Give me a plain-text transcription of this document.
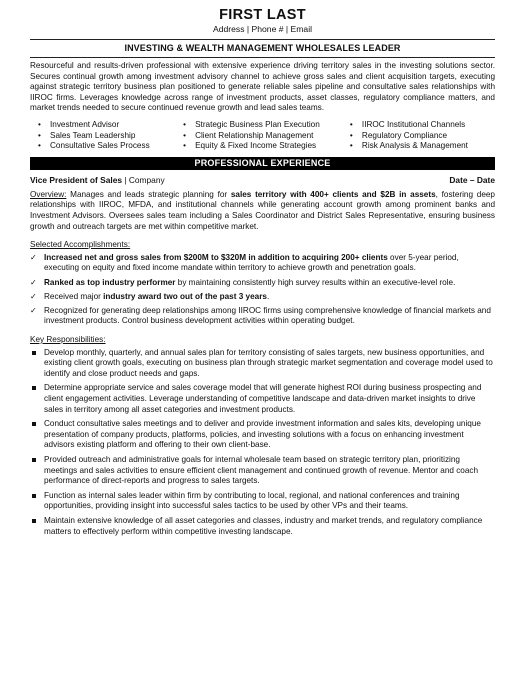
FIRST LAST
Address | Phone # | Email
INVESTING & WEALTH MANAGEMENT WHOLESALES LEADER

Resourceful and results-driven professional with extensive experience driving territory sales in the investing solutions sector. Secures continual growth among investment advisory channel to achieve gross sales and client acquisition targets, executing against strategic territory business plan positioned to generate reliable sales pipeline and consultative sales relationships with IIROC firms. Leverages knowledge across range of investment products, asset classes, regulatory compliance matters, and market trends needed to secure continued revenue growth and lead sales teams.

• Investment Advisor
• Sales Team Leadership
• Consultative Sales Process
• Strategic Business Plan Execution
• Client Relationship Management
• Equity & Fixed Income Strategies
• IIROC Institutional Channels
• Regulatory Compliance
• Risk Analysis & Management
PROFESSIONAL EXPERIENCE
Vice President of Sales | Company	Date – Date

Overview: Manages and leads strategic planning for sales territory with 400+ clients and $2B in assets, fostering deep relationships with IIROC, MFDA, and institutional channels while generating account growth among prominent banks and Investment Advisors. Oversees sales team including a Sales Coordinator and District Sales Representative, ensuring business growth and outreach targets are met within competitive market.

Selected Accomplishments:
✓ Increased net and gross sales from $200M to $320M in addition to acquiring 200+ clients over 5-year period, executing on equity and fixed income mandate within territory to achieve growth and penetration goals.
✓ Ranked as top industry performer by maintaining consistently high survey results within an executive-level role.
✓ Received major industry award two out of the past 3 years.
✓ Recognized for generating deep relationships among IIROC firms using comprehensive knowledge of financial markets and investment products. Control business development activities within operating budget.
Key Responsibilities:
Develop monthly, quarterly, and annual sales plan for territory consisting of sales targets, new business opportunities, and existing client growth goals, executing on business plan through strategic market segmentation and coverage model used to identify and close product needs and gaps.
Determine appropriate service and sales coverage model that will generate highest ROI during business prospecting and client engagement activities. Leverage understanding of competitive landscape and data-driven market insights to drive sales in territory among all asset categories and investment products.
Conduct consultative sales meetings and to deliver and provide investment information and sales kits, developing unique presentation of company products, platforms, policies, and investing solutions with a focus on enhancing investment advisors existing platform and offering to their own client-base.
Provided outreach and administrative goals for internal wholesale team based on strategic territory plan, prioritizing meetings and sales activities to ensure efficient client management and continued growth of revenue. Mentor and coach performance of direct-reports and progress to sales targets.
Function as internal sales leader within firm by contributing to local, regional, and national conferences and training opportunities, providing insight into successful sales tactics to be used by other VPs and their teams.
Maintain extensive knowledge of all asset categories and classes, industry and market trends, and regulatory compliance matters to effectively perform within competitive investing landscape.
